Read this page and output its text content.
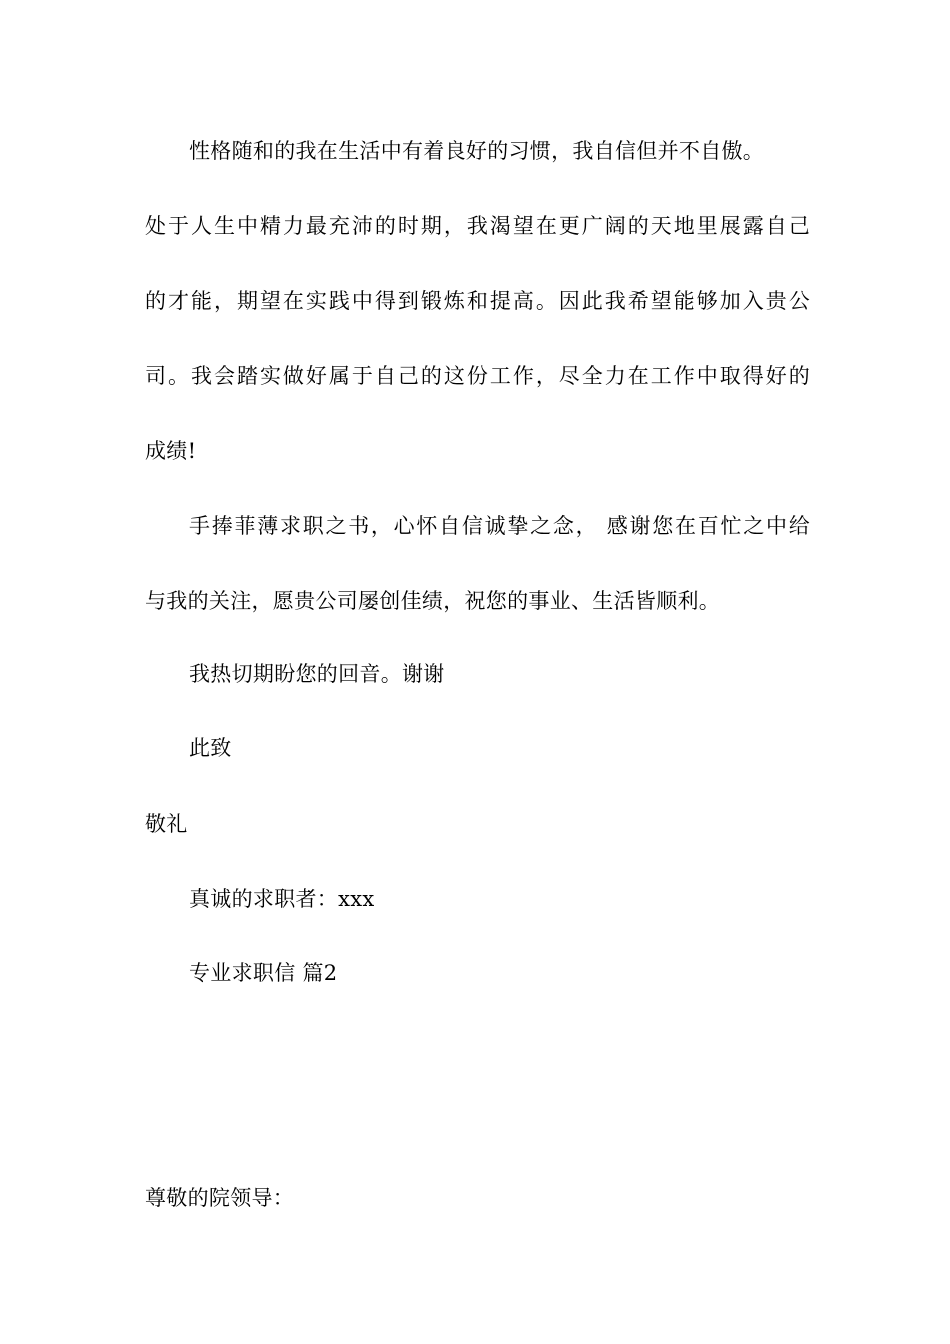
性格随和的我在生活中有着良好的习惯，我自信但并不自傲。
处于人生中精力最充沛的时期，我渴望在更广阔的天地里展露自己
的才能，期望在实践中得到锻炼和提高。因此我希望能够加入贵公
司。我会踏实做好属于自己的这份工作，尽全力在工作中取得好的
成绩!
手捧菲薄求职之书，心怀自信诚挚之念， 感谢您在百忙之中给
与我的关注，愿贵公司屡创佳绩，祝您的事业、生活皆顺利。
我热切期盼您的回音。谢谢
此致
敬礼
真诚的求职者：xxx
专业求职信 篇2
尊敬的院领导：
